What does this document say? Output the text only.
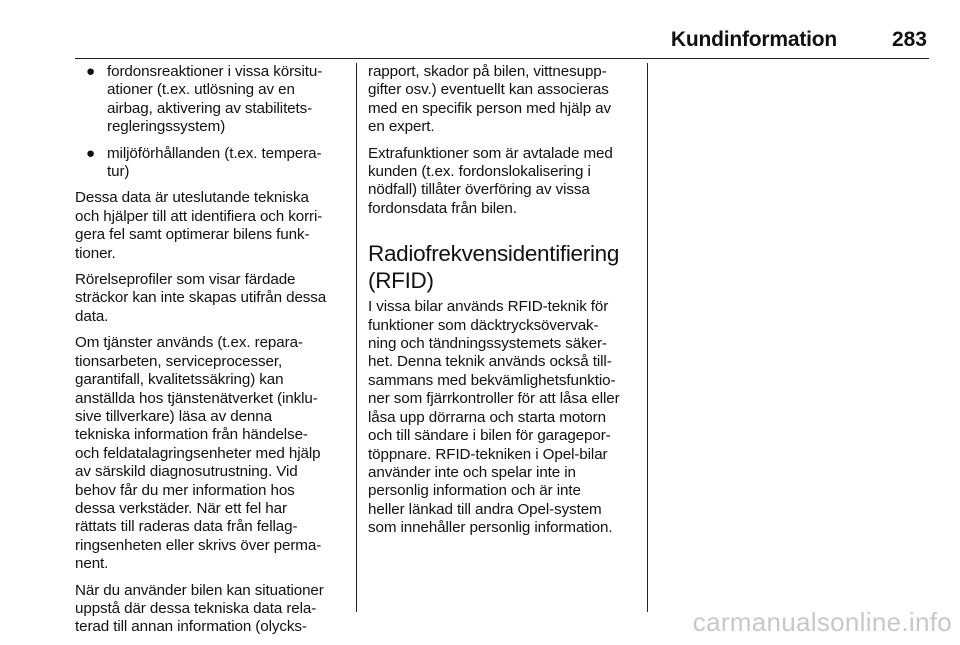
Kundinformation	283
● fordonsreaktioner i vissa körsitu-
ationer (t.ex. utlösning av en
airbag, aktivering av stabilitets-
regleringssystem)
● miljöförhållanden (t.ex. tempera-
tur)

Dessa data är uteslutande tekniska
och hjälper till att identifiera och korri-
gera fel samt optimerar bilens funk-
tioner.

Rörelseprofiler som visar färdade
sträckor kan inte skapas utifrån dessa
data.

Om tjänster används (t.ex. repara-
tionsarbeten, serviceprocesser,
garantifall, kvalitetssäkring) kan
anställda hos tjänstenätverket (inklu-
sive tillverkare) läsa av denna
tekniska information från händelse-
och feldatalagringsenheter med hjälp
av särskild diagnosutrustning. Vid
behov får du mer information hos
dessa verkstäder. När ett fel har
rättats till raderas data från fellag-
ringsenheten eller skrivs över perma-
nent.

När du använder bilen kan situationer
uppstå där dessa tekniska data rela-
terad till annan information (olycks-

rapport, skador på bilen, vittnesupp-
gifter osv.) eventuellt kan associeras
med en specifik person med hjälp av
en expert.

Extrafunktioner som är avtalade med
kunden (t.ex. fordonslokalisering i
nödfall) tillåter överföring av vissa
fordonsdata från bilen.

Radiofrekvensidentifiering
(RFID)

I vissa bilar används RFID-teknik för
funktioner som däcktrycksövervak-
ning och tändningssystemets säker-
het. Denna teknik används också till-
sammans med bekvämlighetsfunktio-
ner som fjärrkontroller för att låsa eller
låsa upp dörrarna och starta motorn
och till sändare i bilen för garagepor-
töppnare. RFID-tekniken i Opel-bilar
använder inte och spelar inte in
personlig information och är inte
heller länkad till andra Opel-system
som innehåller personlig information.

carmanualsonline.info
